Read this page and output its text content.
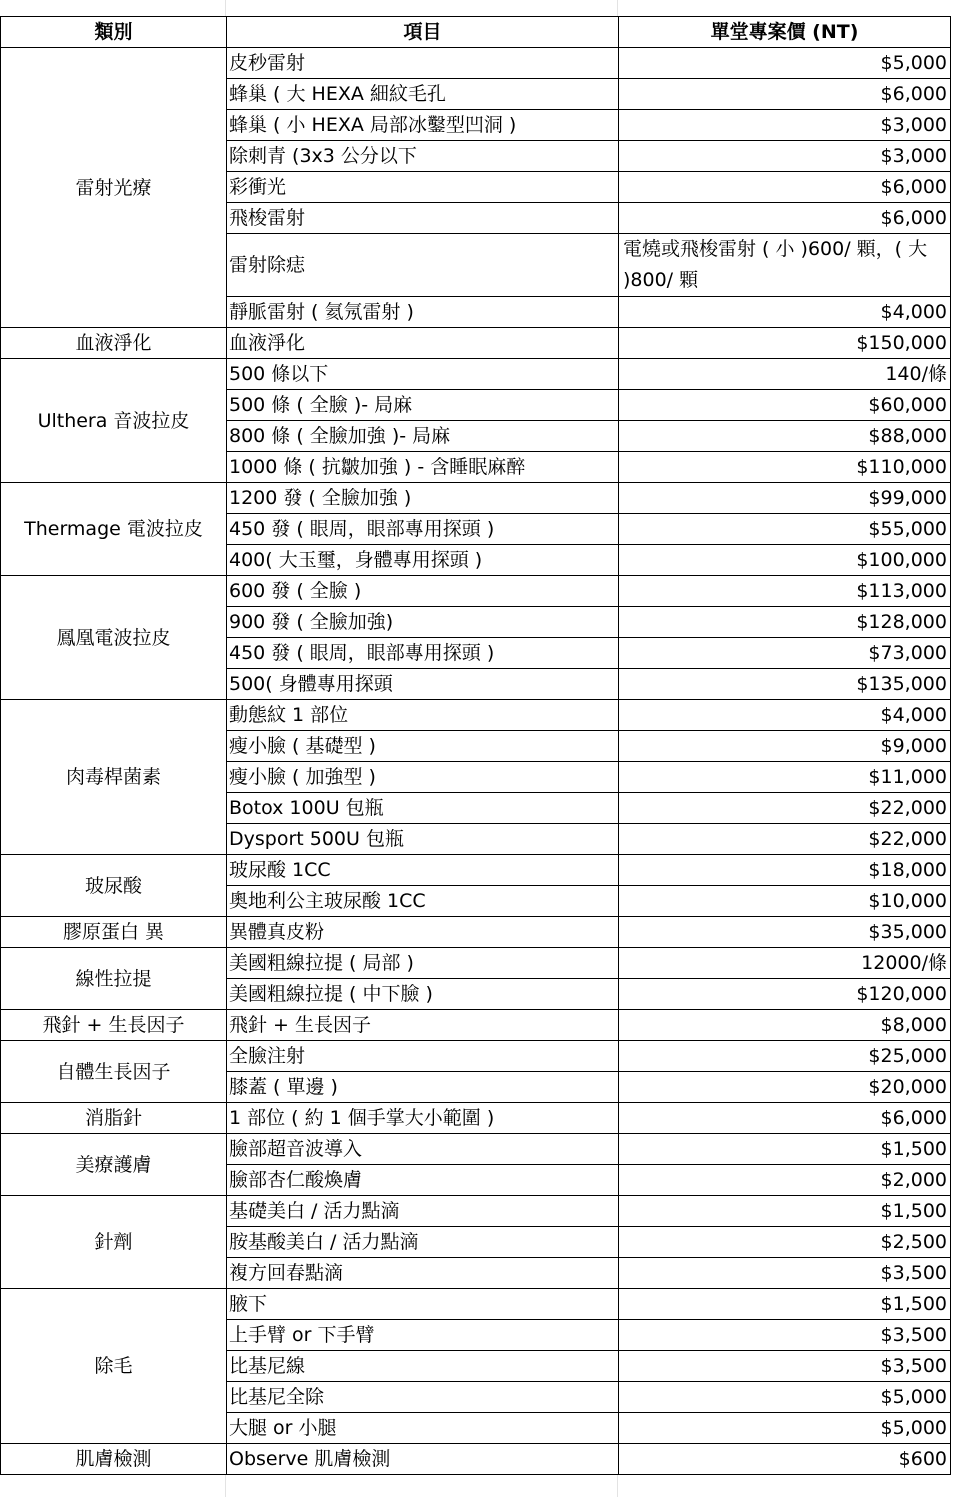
類別	項目	單堂專案價 (NT)
雷射光療	皮秒雷射	$5,000
	蜂巢 ( 大 HEXA 細紋毛孔	$6,000
	蜂巢 ( 小 HEXA 局部冰鑿型凹洞 )	$3,000
	除刺青 (3x3 公分以下	$3,000
	彩衝光	$6,000
	飛梭雷射	$6,000
	雷射除痣	電燒或飛梭雷射 ( 小 )600/ 顆，( 大 )800/ 顆
	靜脈雷射 ( 氦氖雷射 )	$4,000
血液淨化	血液淨化	$150,000
Ulthera 音波拉皮	500 條以下	140/條
	500 條 ( 全臉 )- 局麻	$60,000
	800 條 ( 全臉加強 )- 局麻	$88,000
	1000 條 ( 抗皺加強 ) - 含睡眠麻醉	$110,000
Thermage 電波拉皮	1200 發 ( 全臉加強 )	$99,000
	450 發 ( 眼周，眼部專用探頭 )	$55,000
	400( 大玉璽，身體專用探頭 )	$100,000
鳳凰電波拉皮	600 發 ( 全臉 )	$113,000
	900 發 ( 全臉加強)	$128,000
	450 發 ( 眼周，眼部專用探頭 )	$73,000
	500( 身體專用探頭	$135,000
肉毒桿菌素	動態紋 1 部位	$4,000
	瘦小臉 ( 基礎型 )	$9,000
	瘦小臉 ( 加強型 )	$11,000
	Botox 100U 包瓶	$22,000
	Dysport 500U 包瓶	$22,000
玻尿酸	玻尿酸 1CC	$18,000
	奧地利公主玻尿酸 1CC	$10,000
膠原蛋白 異	異體真皮粉	$35,000
線性拉提	美國粗線拉提 ( 局部 )	12000/條
	美國粗線拉提 ( 中下臉 )	$120,000
飛針 + 生長因子	飛針 + 生長因子	$8,000
自體生長因子	全臉注射	$25,000
	膝蓋 ( 單邊 )	$20,000
消脂針	1 部位 ( 約 1 個手掌大小範圍 )	$6,000
美療護膚	臉部超音波導入	$1,500
	臉部杏仁酸煥膚	$2,000
針劑	基礎美白 / 活力點滴	$1,500
	胺基酸美白 / 活力點滴	$2,500
	複方回春點滴	$3,500
除毛	腋下	$1,500
	上手臂 or 下手臂	$3,500
	比基尼線	$3,500
	比基尼全除	$5,000
	大腿 or 小腿	$5,000
肌膚檢測	Observe 肌膚檢測	$600
